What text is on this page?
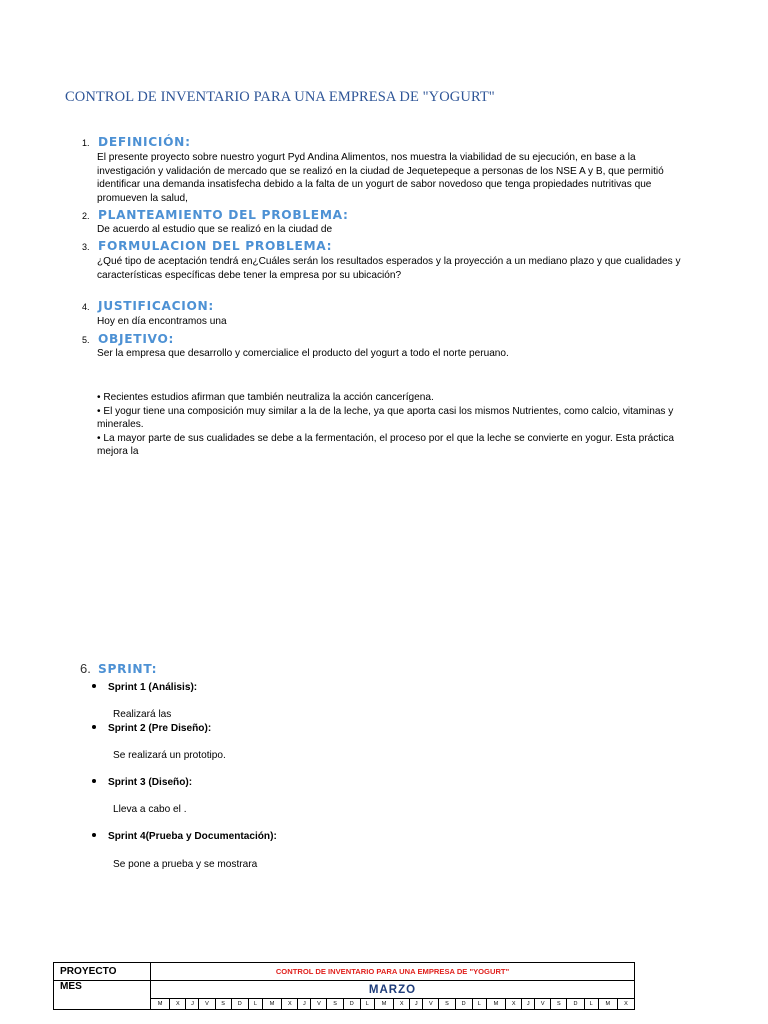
CONTROL DE INVENTARIO PARA UNA EMPRESA DE "YOGURT"
1. DEFINICIÓN:
El presente proyecto sobre nuestro yogurt Pyd Andina Alimentos, nos muestra la viabilidad de su ejecución, en base a la investigación y validación de mercado que se realizó en la ciudad de Jequetepeque a personas de los NSE A y B, que permitió identificar una demanda insatisfecha debido a la falta de un yogurt de sabor novedoso que tenga propiedades nutritivas que promueven la salud,
2. PLANTEAMIENTO DEL PROBLEMA:
De acuerdo al estudio que se realizó en la ciudad de
3. FORMULACION DEL PROBLEMA:
¿Qué tipo de aceptación tendrá en¿Cuáles serán los resultados esperados y la proyección a un mediano plazo y que cualidades y características específicas debe tener la empresa por su ubicación?
4. JUSTIFICACION:
Hoy en día encontramos una
5. OBJETIVO:
Ser la empresa que desarrollo y comercialice el producto del yogurt a todo el norte peruano.
• Recientes estudios afirman que también neutraliza la acción cancerígena.
• El yogur tiene una composición muy similar a la de la leche, ya que aporta casi los mismos Nutrientes, como calcio, vitaminas y minerales.
• La mayor parte de sus cualidades se debe a la fermentación, el proceso por el que la leche se convierte en yogur. Esta práctica mejora la
6. SPRINT:
Sprint 1 (Análisis):
Realizará las
Sprint 2 (Pre Diseño):
Se realizará un prototipo.
Sprint 3 (Diseño):
Lleva a cabo el .
Sprint 4(Prueba y Documentación):
Se pone a prueba y se mostrara
PROYECTO	CONTROL DE INVENTARIO PARA UNA EMPRESA DE "YOGURT"																													
MES	MARZO																													
	M	X	J	V	S	D	L	M	X	J	V	S	D	L	M	X	J	V	S	D	L	M	X	J	V	S	D	L	M	X
